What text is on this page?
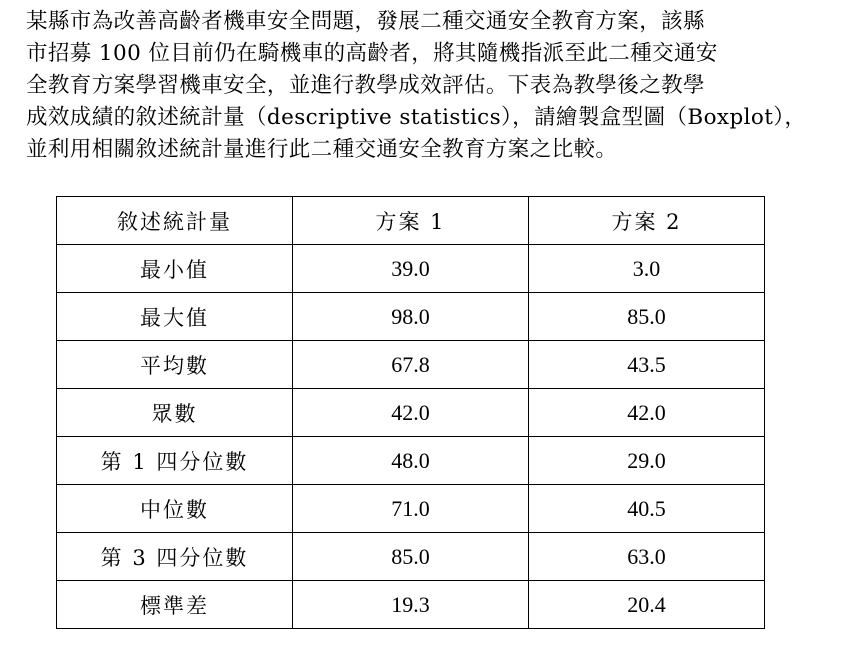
某縣市為改善高齡者機車安全問題，發展二種交通安全教育方案，該縣
市招募 100 位目前仍在騎機車的高齡者，將其隨機指派至此二種交通安
全教育方案學習機車安全，並進行教學成效評估。下表為教學後之教學
成效成績的敘述統計量（descriptive statistics），請繪製盒型圖（Boxplot），
並利用相關敘述統計量進行此二種交通安全教育方案之比較。
敘述統計量	方案 1	方案 2
最小值	39.0	3.0
最大值	98.0	85.0
平均數	67.8	43.5
眾數	42.0	42.0
第 1 四分位數	48.0	29.0
中位數	71.0	40.5
第 3 四分位數	85.0	63.0
標準差	19.3	20.4
